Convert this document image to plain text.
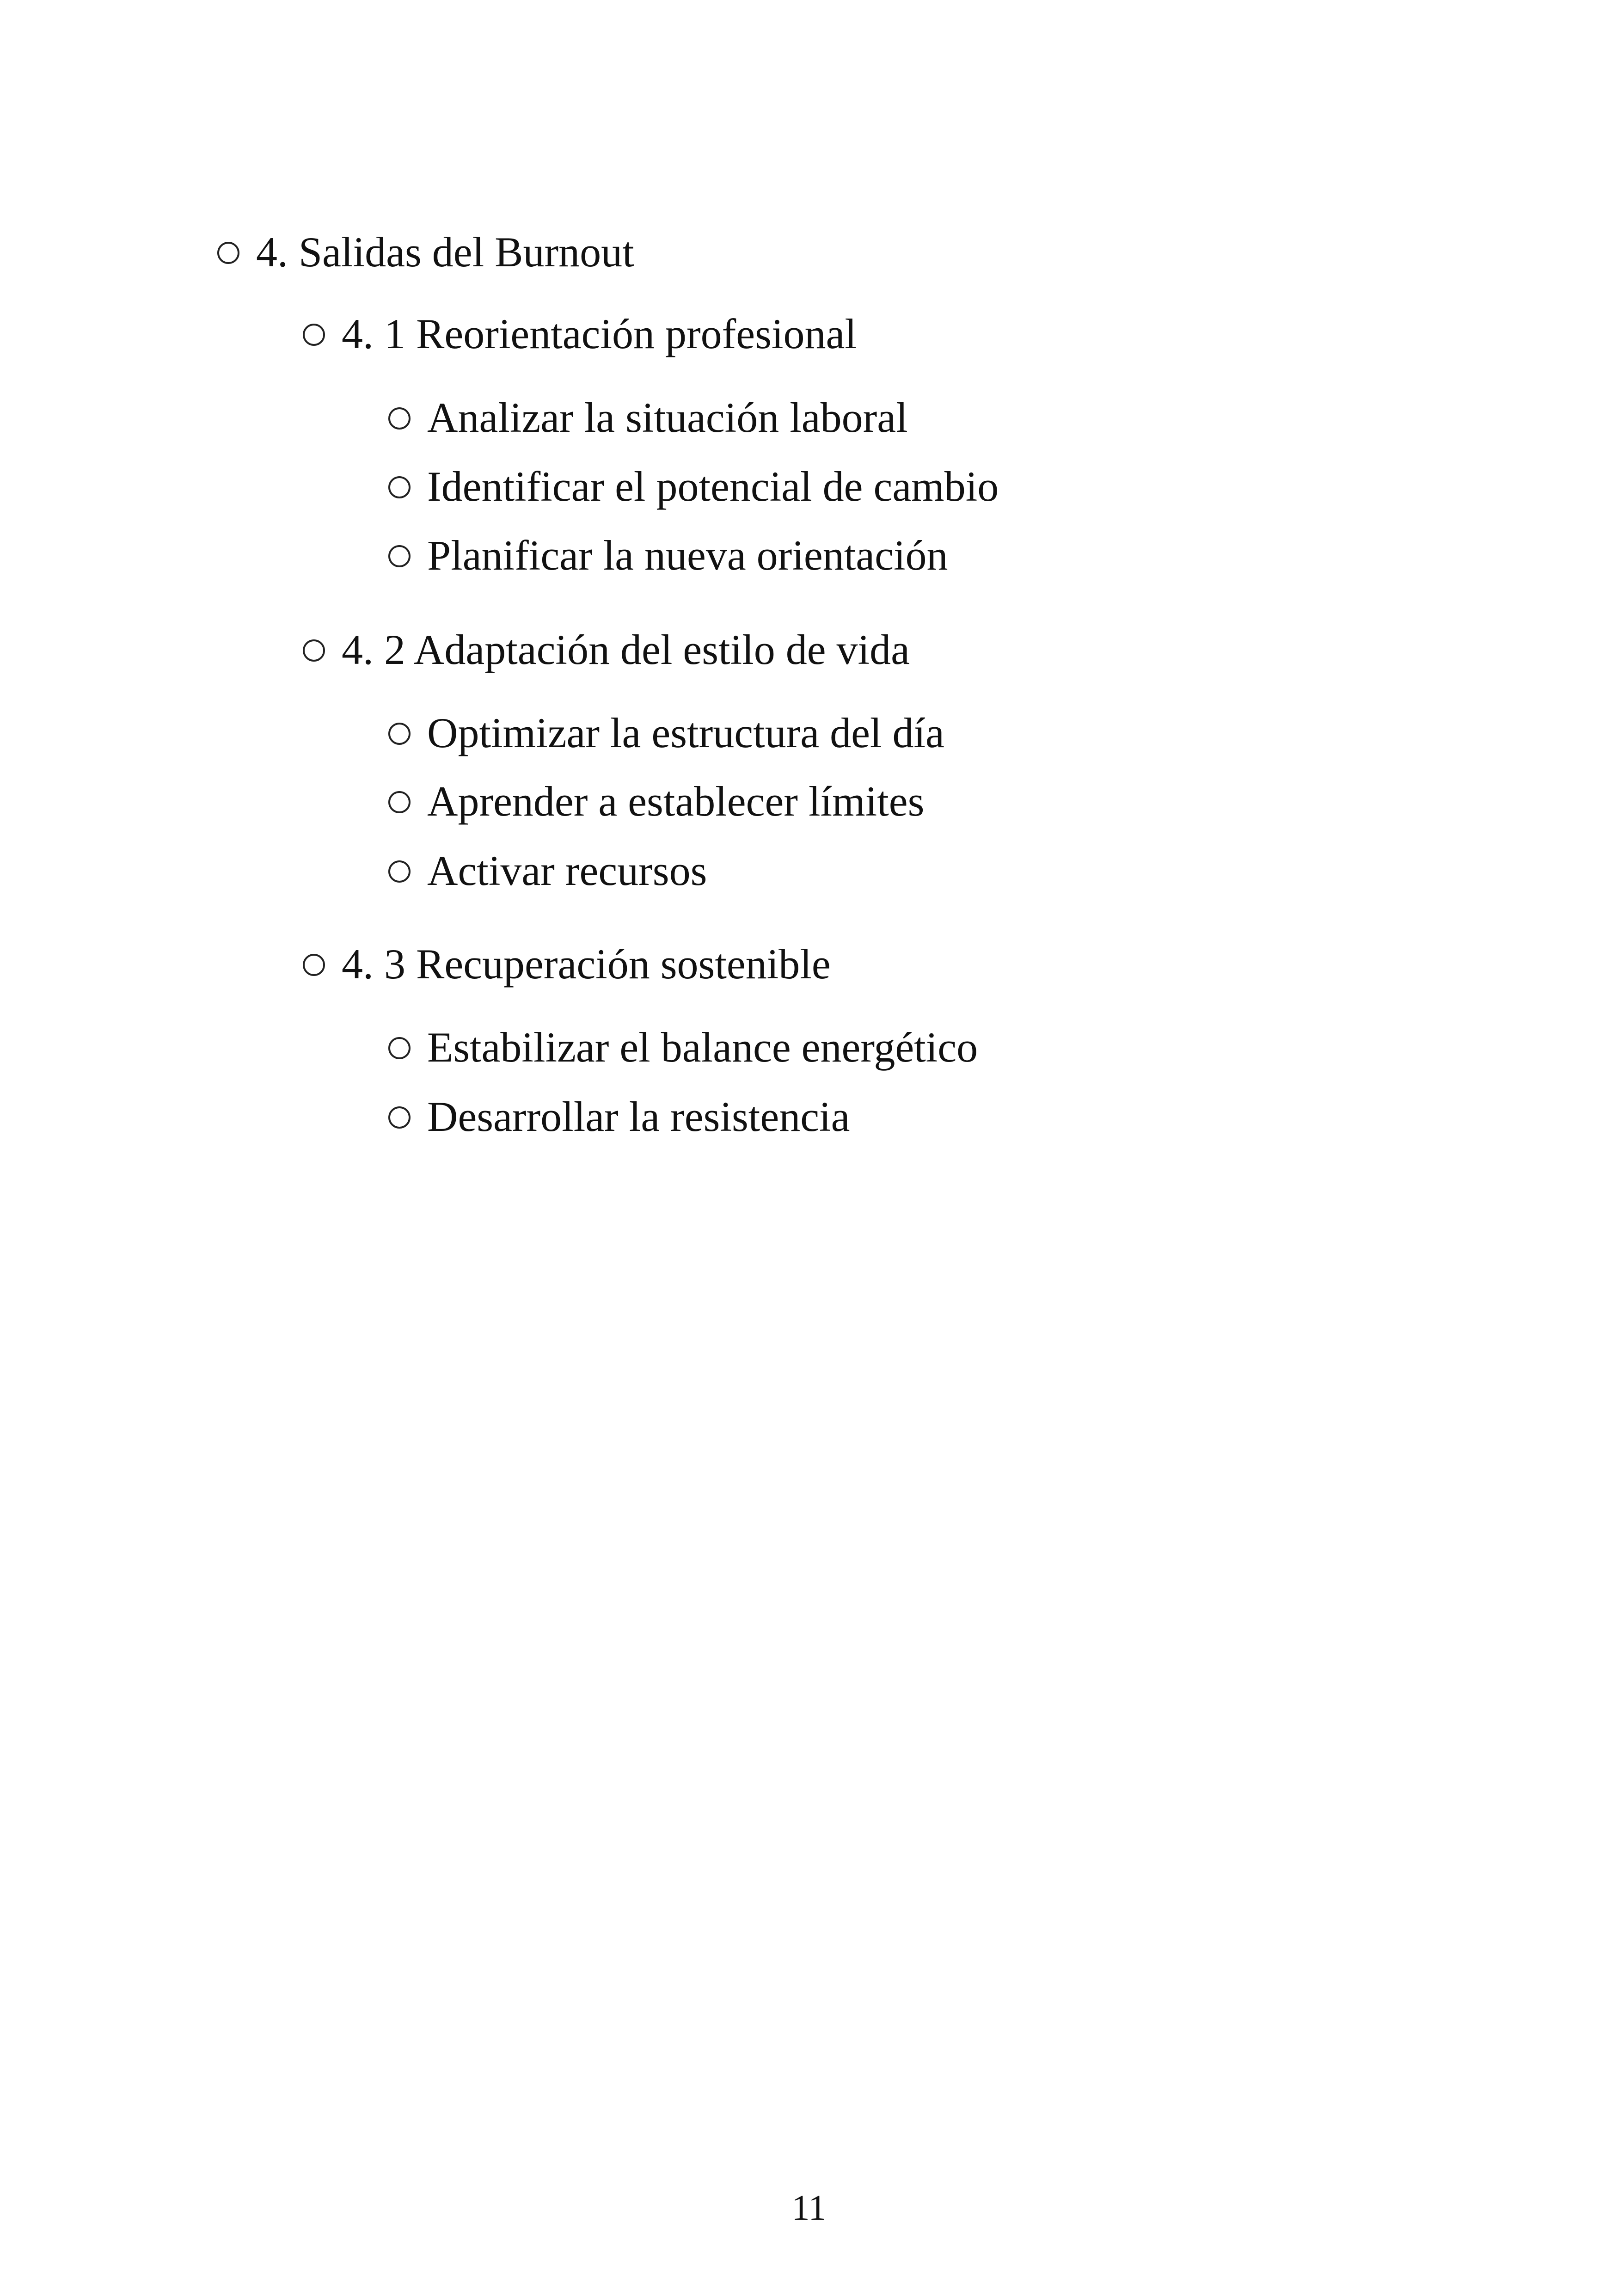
4. Salidas del Burnout
4. 1 Reorientación profesional
Analizar la situación laboral
Identificar el potencial de cambio
Planificar la nueva orientación
4. 2 Adaptación del estilo de vida
Optimizar la estructura del día
Aprender a establecer límites
Activar recursos
4. 3 Recuperación sostenible
Estabilizar el balance energético
Desarrollar la resistencia
11
